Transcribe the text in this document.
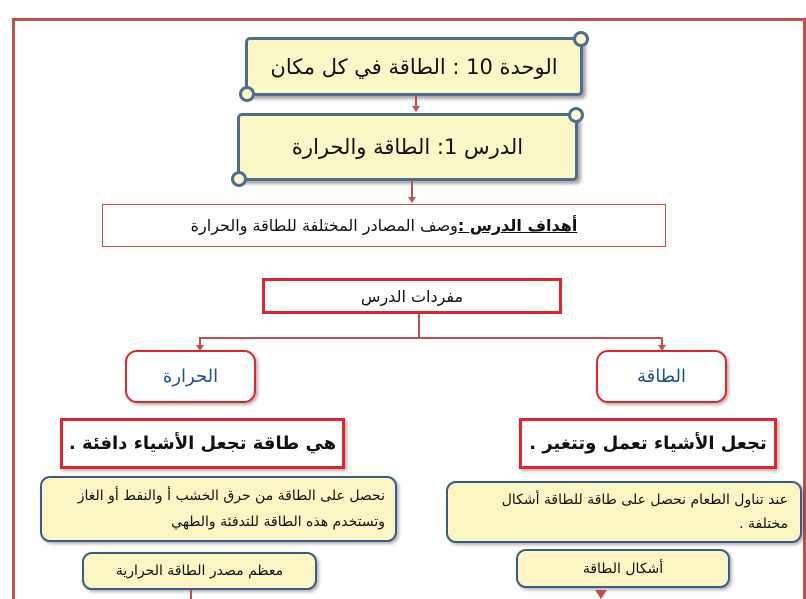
الوحدة 10 : الطاقة في كل مكان
الدرس 1: الطاقة والحرارة
أهداف الدرس :
وصف المصادر المختلفة للطاقة والحرارة
مفردات الدرس
الحرارة	الطاقة
هي طاقة تجعل الأشياء دافئة .	تجعل الأشياء تعمل وتتغير .
نحصل على الطاقة من حرق الخشب أ والنفط أو الغاز وتستخدم هذه الطاقة للتدفئة والطهي
عند تناول الطعام نحصل على طاقة للطاقة أشكال مختلفة .
معظم مصدر الطاقة الحرارية	أشكال الطاقة
